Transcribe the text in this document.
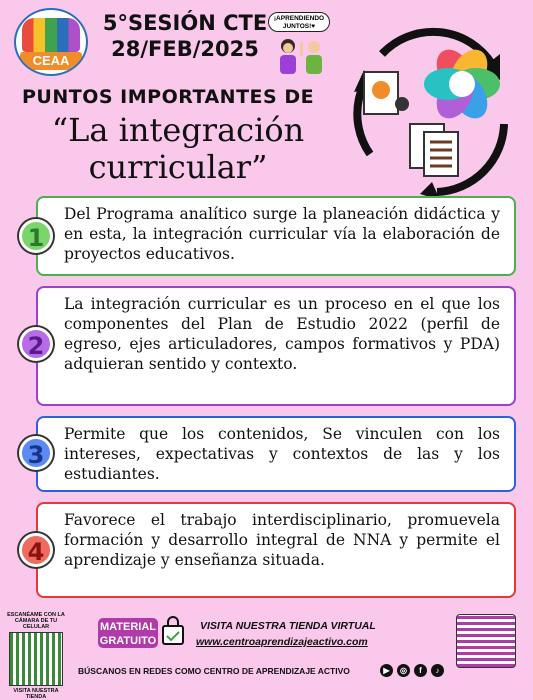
CEAA
5°SESIÓN CTE
28/FEB/2025
¡APRENDIENDO JUNTOS!♥
PUNTOS IMPORTANTES DE
“La integración
curricular”
Del Programa analítico surge la planeación didáctica y en esta, la integración curricular vía la elaboración de proyectos educativos.
1
La integración curricular es un proceso en el que los componentes del Plan de Estudio 2022 (perfil de egreso, ejes articuladores, campos formativos y PDA) adquieran sentido y contexto.
2
Permite que los contenidos, Se vinculen con los intereses, expectativas y contextos de las y los estudiantes.
3
Favorece el trabajo interdisciplinario, promuevela formación y desarrollo integral de NNA y permite el aprendizaje y enseñanza situada.
4
ESCANÉAME CON LA CÁMARA DE TU CELULAR
VISITA NUESTRA TIENDA
MATERIAL GRATUITO
VISITA NUESTRA TIENDA VIRTUAL
www.centroaprendizajeactivo.com
BÚSCANOS EN REDES COMO CENTRO DE APRENDIZAJE ACTIVO	▶	◎	f	♪
